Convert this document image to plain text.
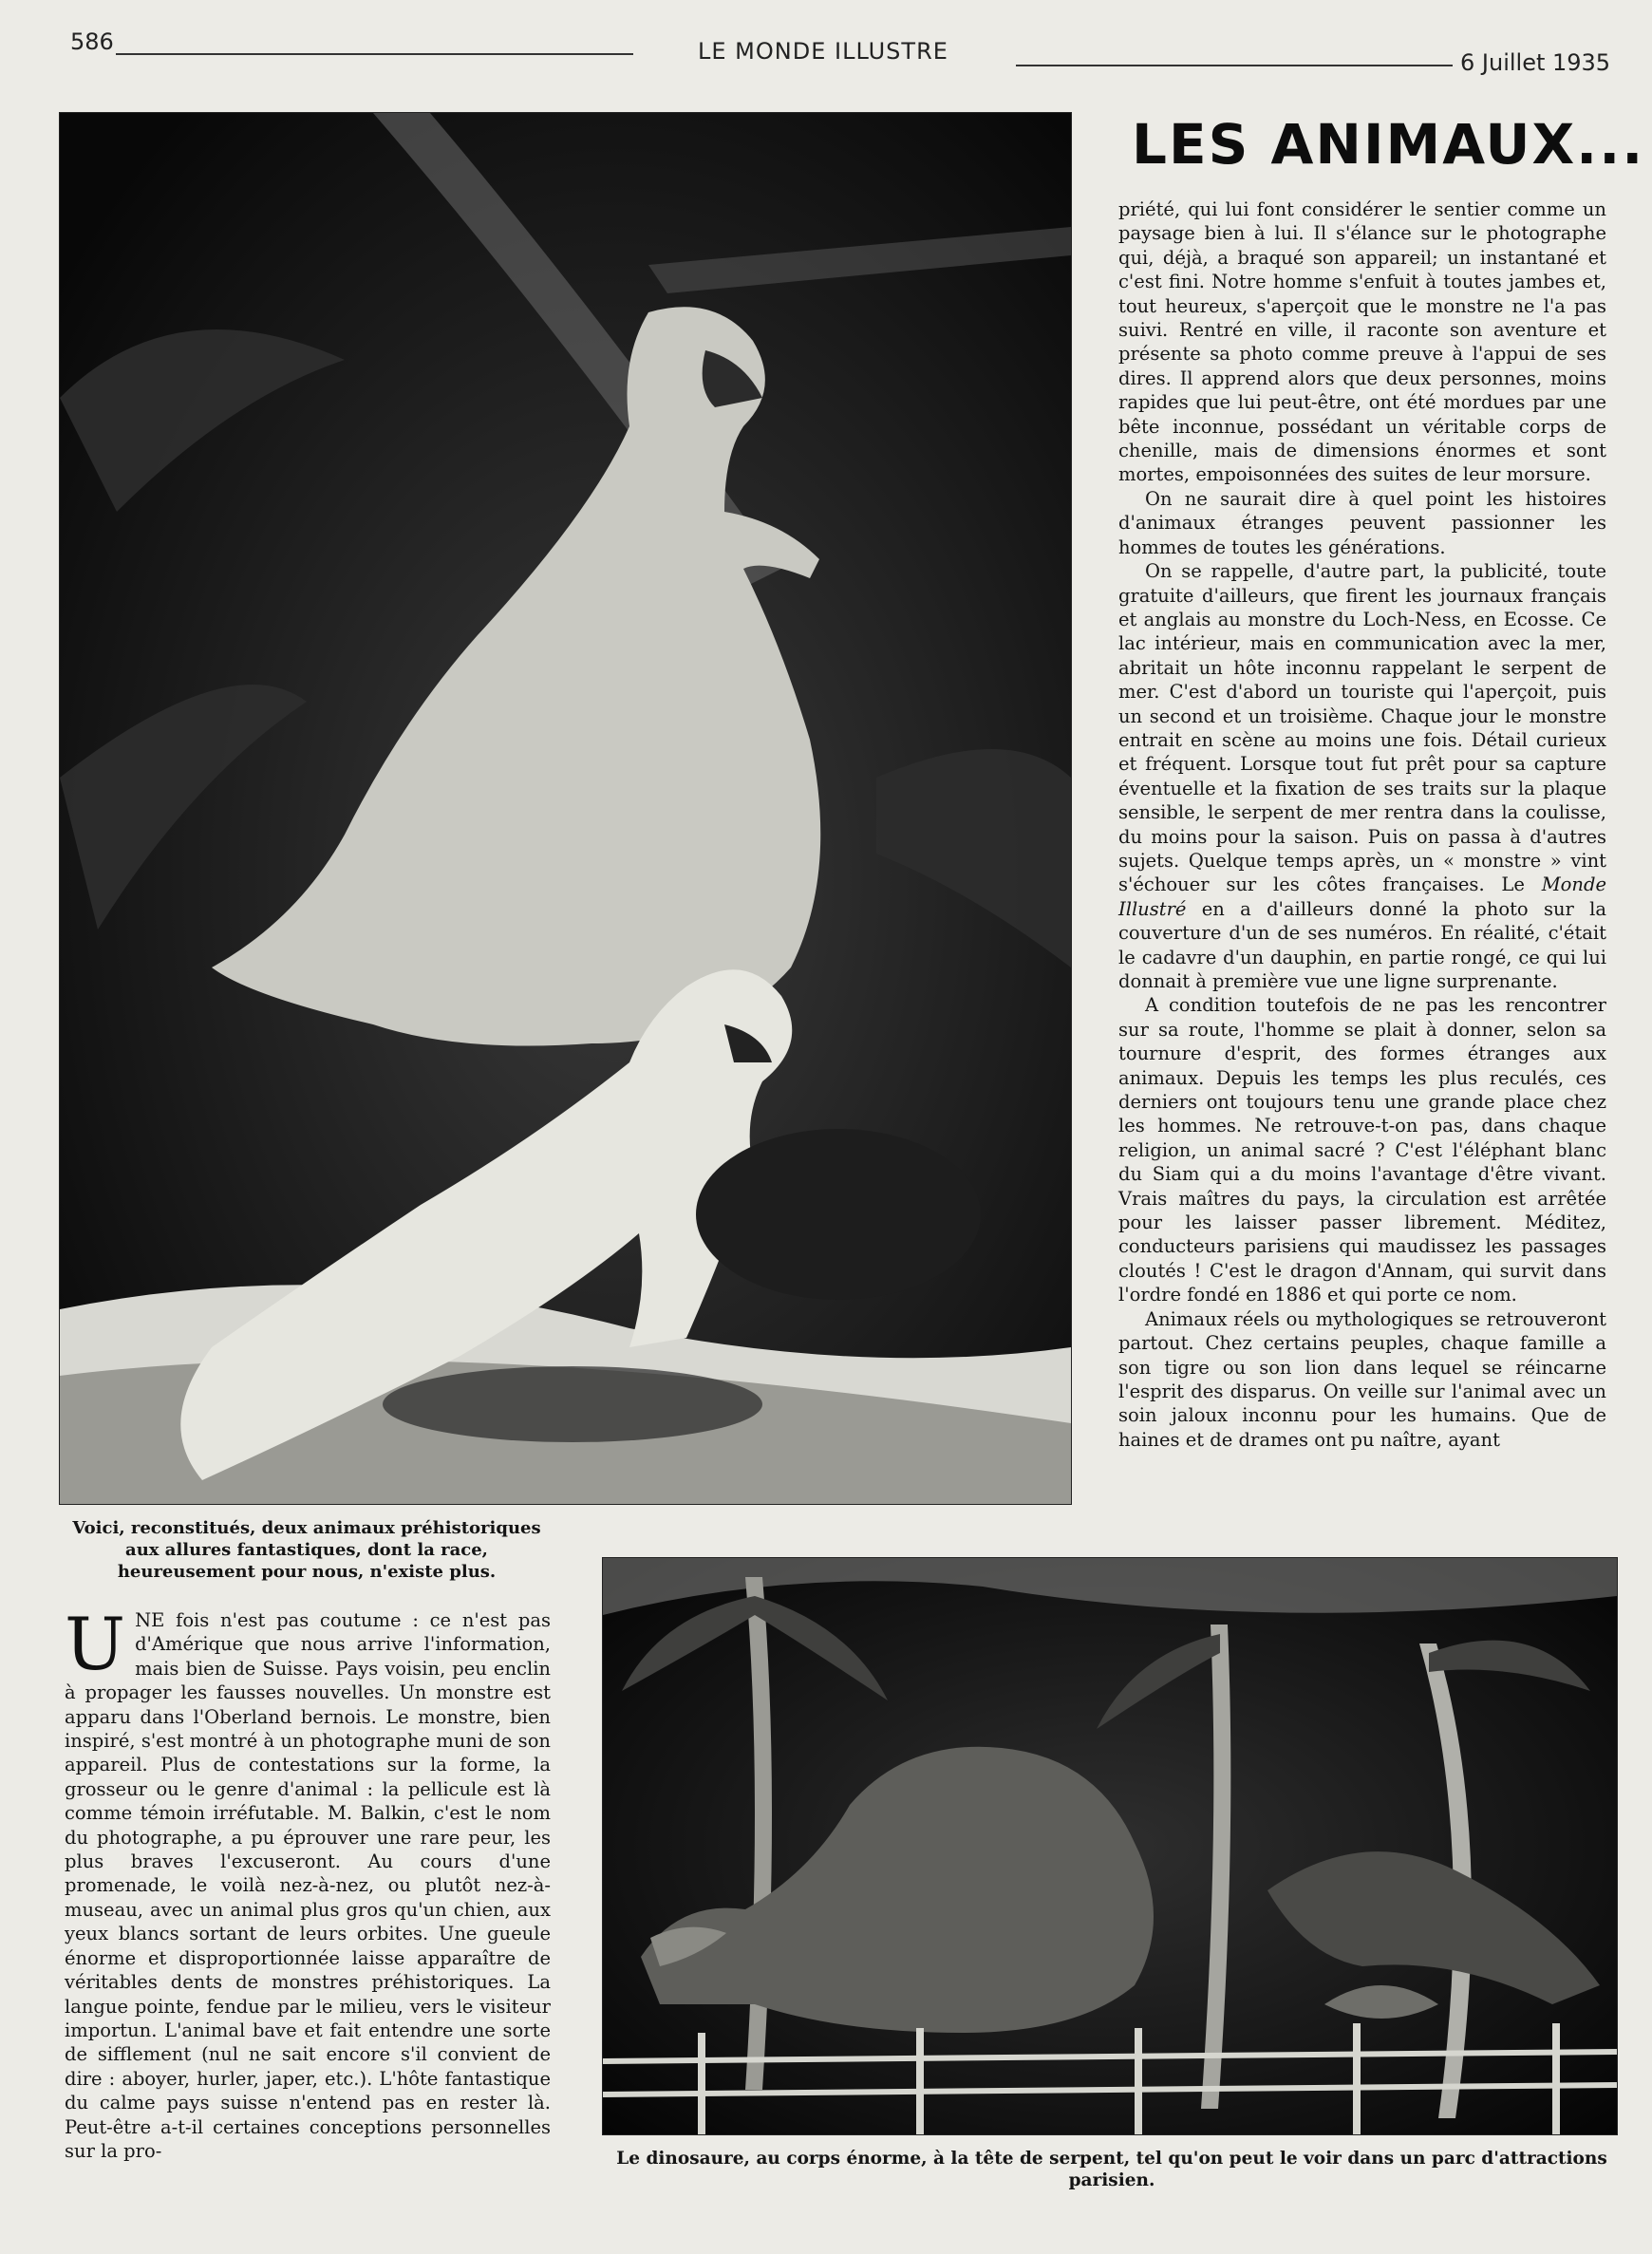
586	LE MONDE ILLUSTRE	6 Juillet 1935
Voici, reconstitués, deux animaux préhistoriques aux allures fantastiques, dont la race, heureusement pour nous, n'existe plus.
LES ANIMAUX...

priété, qui lui font considérer le sentier comme un paysage bien à lui. Il s'élance sur le photographe qui, déjà, a braqué son appareil; un instantané et c'est fini. Notre homme s'enfuit à toutes jambes et, tout heureux, s'aperçoit que le monstre ne l'a pas suivi. Rentré en ville, il raconte son aventure et présente sa photo comme preuve à l'appui de ses dires. Il apprend alors que deux personnes, moins rapides que lui peut-être, ont été mordues par une bête inconnue, possédant un véritable corps de chenille, mais de dimensions énormes et sont mortes, empoisonnées des suites de leur morsure.

On ne saurait dire à quel point les histoires d'animaux étranges peuvent passionner les hommes de toutes les générations.

On se rappelle, d'autre part, la publicité, toute gratuite d'ailleurs, que firent les journaux français et anglais au monstre du Loch-Ness, en Ecosse. Ce lac intérieur, mais en communication avec la mer, abritait un hôte inconnu rappelant le serpent de mer. C'est d'abord un touriste qui l'aperçoit, puis un second et un troisième. Chaque jour le monstre entrait en scène au moins une fois. Détail curieux et fréquent. Lorsque tout fut prêt pour sa capture éventuelle et la fixation de ses traits sur la plaque sensible, le serpent de mer rentra dans la coulisse, du moins pour la saison. Puis on passa à d'autres sujets. Quelque temps après, un « monstre » vint s'échouer sur les côtes françaises. Le Monde Illustré en a d'ailleurs donné la photo sur la couverture d'un de ses numéros. En réalité, c'était le cadavre d'un dauphin, en partie rongé, ce qui lui donnait à première vue une ligne surprenante.

A condition toutefois de ne pas les rencontrer sur sa route, l'homme se plait à donner, selon sa tournure d'esprit, des formes étranges aux animaux. Depuis les temps les plus reculés, ces derniers ont toujours tenu une grande place chez les hommes. Ne retrouve-t-on pas, dans chaque religion, un animal sacré ? C'est l'éléphant blanc du Siam qui a du moins l'avantage d'être vivant. Vrais maîtres du pays, la circulation est arrêtée pour les laisser passer librement. Méditez, conducteurs parisiens qui maudissez les passages cloutés ! C'est le dragon d'Annam, qui survit dans l'ordre fondé en 1886 et qui porte ce nom.

Animaux réels ou mythologiques se retrouveront partout. Chez certains peuples, chaque famille a son tigre ou son lion dans lequel se réincarne l'esprit des disparus. On veille sur l'animal avec un soin jaloux inconnu pour les humains. Que de haines et de drames ont pu naître, ayant

U NE fois n'est pas coutume : ce n'est pas d'Amérique que nous arrive l'information, mais bien de Suisse. Pays voisin, peu enclin à propager les fausses nouvelles. Un monstre est apparu dans l'Oberland bernois. Le monstre, bien inspiré, s'est montré à un photographe muni de son appareil. Plus de contestations sur la forme, la grosseur ou le genre d'animal : la pellicule est là comme témoin irréfutable. M. Balkin, c'est le nom du photographe, a pu éprouver une rare peur, les plus braves l'excuseront. Au cours d'une promenade, le voilà nez-à-nez, ou plutôt nez-à-museau, avec un animal plus gros qu'un chien, aux yeux blancs sortant de leurs orbites. Une gueule énorme et disproportionnée laisse apparaître de véritables dents de monstres préhistoriques. La langue pointe, fendue par le milieu, vers le visiteur importun. L'animal bave et fait entendre une sorte de sifflement (nul ne sait encore s'il convient de dire : aboyer, hurler, japer, etc.). L'hôte fantastique du calme pays suisse n'entend pas en rester là. Peut-être a-t-il certaines conceptions personnelles sur la pro-	Le dinosaure, au corps énorme, à la tête de serpent, tel qu'on peut le voir dans un parc d'attractions parisien.
